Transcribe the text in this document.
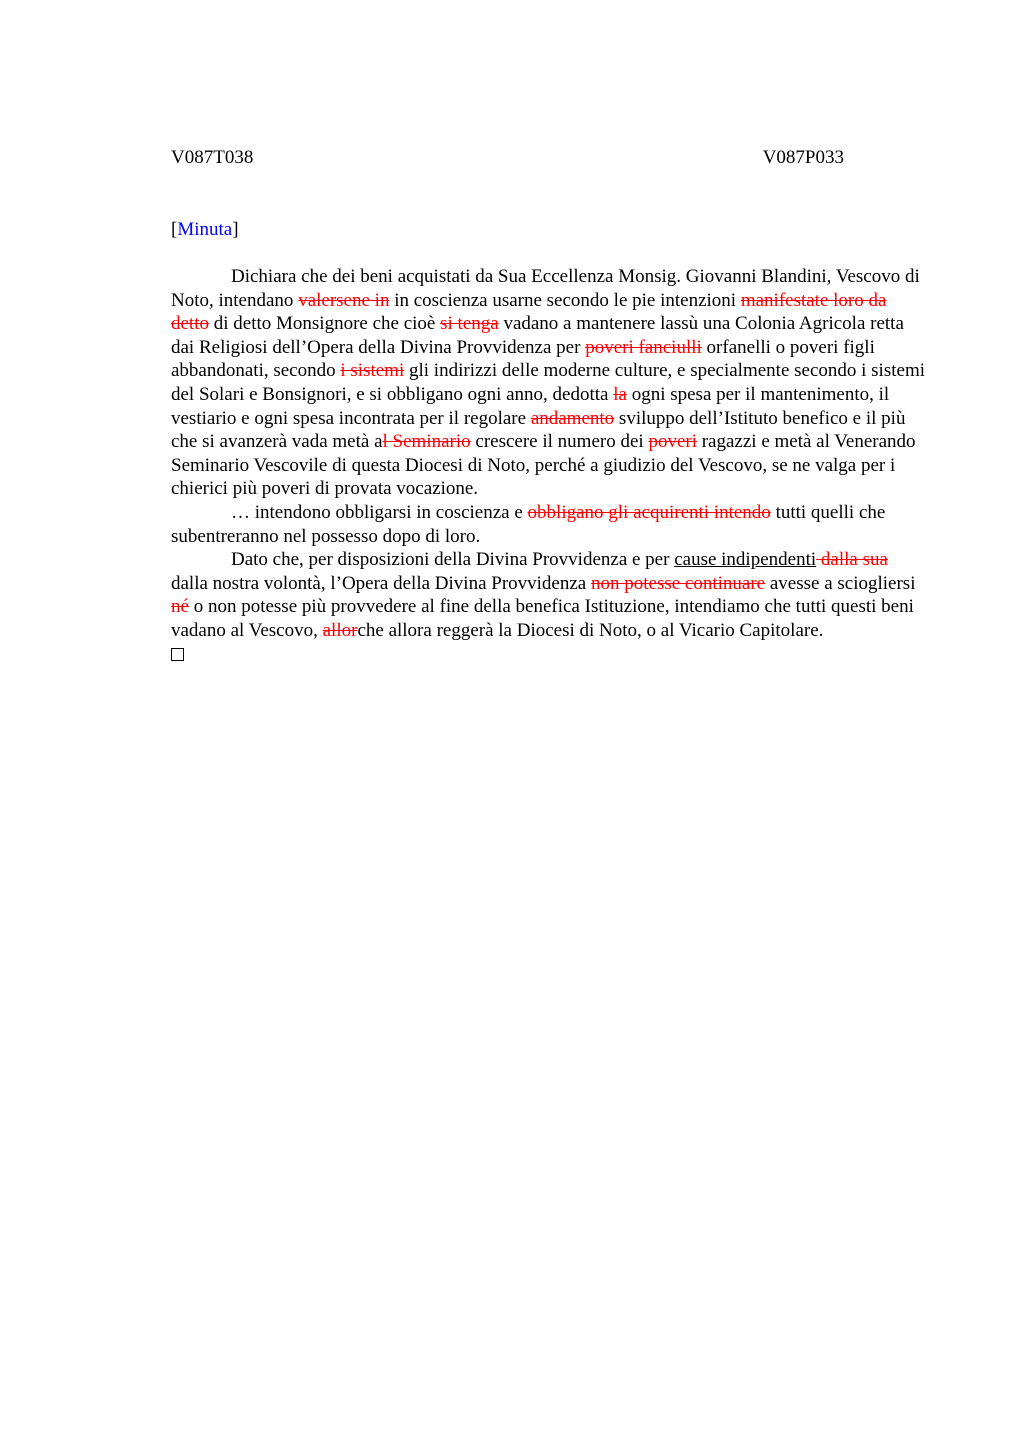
V087T038	V087P033
[Minuta]

Dichiara che dei beni acquistati da Sua Eccellenza Monsig. Giovanni Blandini, Vescovo di Noto, intendano valersene in in coscienza usarne secondo le pie intenzioni manifestate loro da detto di detto Monsignore che cioè si tenga vadano a mantenere lassù una Colonia Agricola retta dai Religiosi dell’Opera della Divina Provvidenza per poveri fanciulli orfanelli o poveri figli abbandonati, secondo i sistemi gli indirizzi delle moderne culture, e specialmente secondo i sistemi del Solari e Bonsignori, e si obbligano ogni anno, dedotta la ogni spesa per il mantenimento, il vestiario e ogni spesa incontrata per il regolare andamento sviluppo dell’Istituto benefico e il più che si avanzerà vada metà al Seminario crescere il numero dei poveri ragazzi e metà al Venerando Seminario Vescovile di questa Diocesi di Noto, perché a giudizio del Vescovo, se ne valga per i chierici più poveri di provata vocazione.

… intendono obbligarsi in coscienza e obbligano gli acquirenti intendo tutti quelli che subentreranno nel possesso dopo di loro.

Dato che, per disposizioni della Divina Provvidenza e per cause indipendenti dalla sua dalla nostra volontà, l’Opera della Divina Provvidenza non potesse continuare avesse a sciogliersi né o non potesse più provvedere al fine della benefica Istituzione, intendiamo che tutti questi beni vadano al Vescovo, allorche allora reggerà la Diocesi di Noto, o al Vicario Capitolare.
